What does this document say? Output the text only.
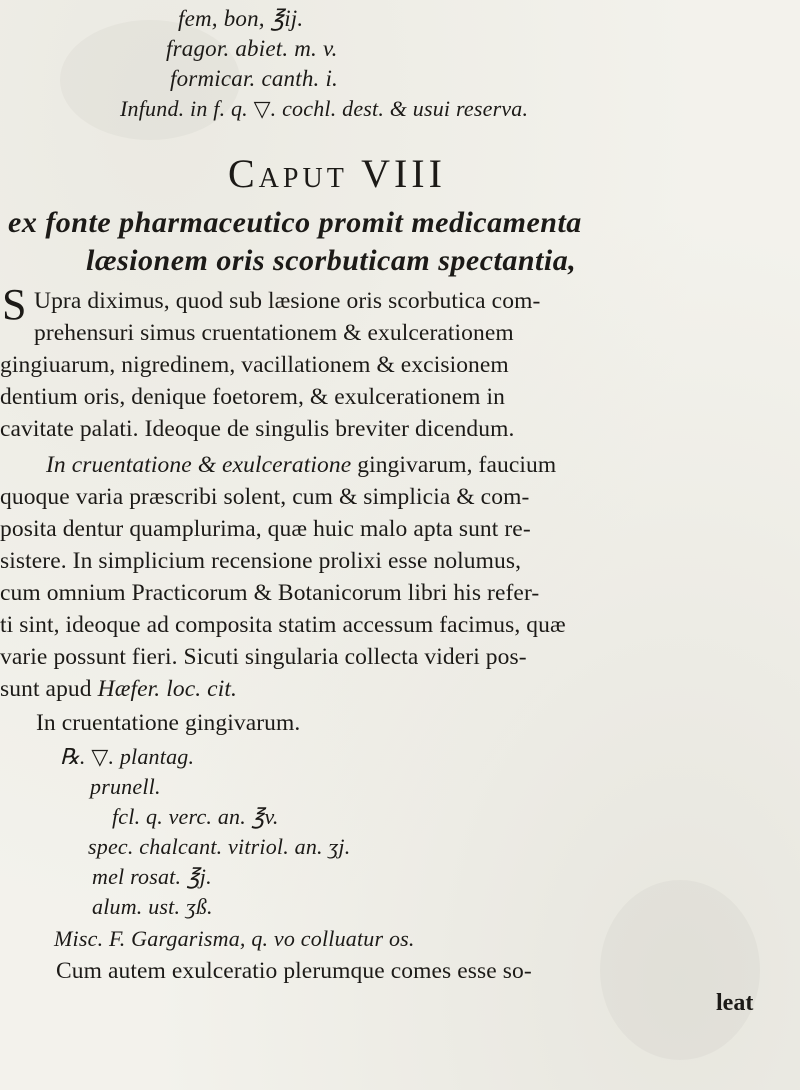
fem, bon, ℥ij.
fragor. abiet. m. v.
formicar. canth. i.
Infund. in f. q. ▽. cochl. dest. & usui reserva.
Caput VIII
ex fonte pharmaceutico promit medicamenta
læsionem oris scorbuticam spectantia,
S Upra diximus, quod sub læsione oris scorbutica com-
prehensuri simus cruentationem & exulcerationem
gingiuarum, nigredinem, vacillationem & excisionem
dentium oris, denique foetorem, & exulcerationem in
cavitate palati. Ideoque de singulis breviter dicendum.
In cruentatione & exulceratione gingivarum, faucium
quoque varia præscribi solent, cum & simplicia & com-
posita dentur quamplurima, quæ huic malo apta sunt re-
sistere. In simplicium recensione prolixi esse nolumus,
cum omnium Practicorum & Botanicorum libri his refer-
ti sint, ideoque ad composita statim accessum facimus, quæ
varie possunt fieri. Sicuti singularia collecta videri pos-
sunt apud Hæfer. loc. cit.
In cruentatione gingivarum.
℞. ▽. plantag.
prunell.
fcl. q. verc. an. ℥v.
spec. chalcant. vitriol. an. ʒj.
mel rosat. ℥j.
alum. ust. ʒß.
Misc. F. Gargarisma, q. vo colluatur os.
Cum autem exulceratio plerumque comes esse so-
leat
